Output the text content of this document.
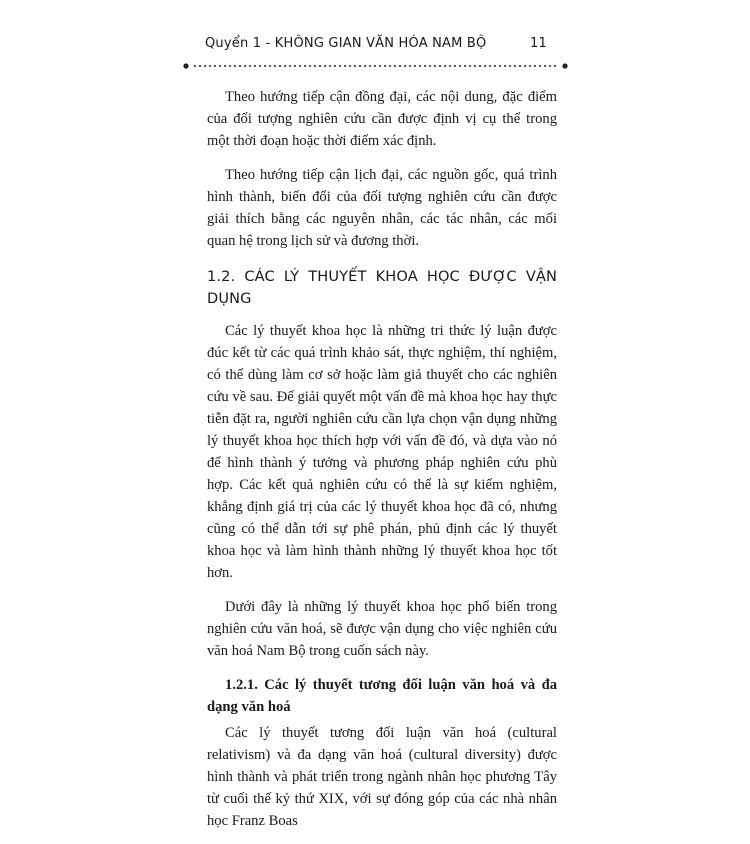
Quyển 1 - KHÔNG GIAN VĂN HÓA NAM BỘ	11

Theo hướng tiếp cận đồng đại, các nội dung, đặc điểm của đối tượng nghiên cứu cần được định vị cụ thể trong một thời đoạn hoặc thời điểm xác định.

Theo hướng tiếp cận lịch đại, các nguồn gốc, quá trình hình thành, biến đổi của đối tượng nghiên cứu cần được giải thích bằng các nguyên nhân, các tác nhân, các mối quan hệ trong lịch sử và đương thời.

1.2. CÁC LÝ THUYẾT KHOA HỌC ĐƯỢC VẬN DỤNG

Các lý thuyết khoa học là những tri thức lý luận được đúc kết từ các quá trình khảo sát, thực nghiệm, thí nghiệm, có thể dùng làm cơ sở hoặc làm giả thuyết cho các nghiên cứu về sau. Để giải quyết một vấn đề mà khoa học hay thực tiễn đặt ra, người nghiên cứu cần lựa chọn vận dụng những lý thuyết khoa học thích hợp với vấn đề đó, và dựa vào nó để hình thành ý tưởng và phương pháp nghiên cứu phù hợp. Các kết quả nghiên cứu có thể là sự kiểm nghiệm, khẳng định giá trị của các lý thuyết khoa học đã có, nhưng cũng có thể dẫn tới sự phê phán, phủ định các lý thuyết khoa học và làm hình thành những lý thuyết khoa học tốt hơn.

Dưới đây là những lý thuyết khoa học phổ biến trong nghiên cứu văn hoá, sẽ được vận dụng cho việc nghiên cứu văn hoá Nam Bộ trong cuốn sách này.

1.2.1. Các lý thuyết tương đối luận văn hoá và đa dạng văn hoá

Các lý thuyết tương đối luận văn hoá (cultural relativism) và đa dạng văn hoá (cultural diversity) được hình thành và phát triển trong ngành nhân học phương Tây từ cuối thế kỷ thứ XIX, với sự đóng góp của các nhà nhân học Franz Boas
